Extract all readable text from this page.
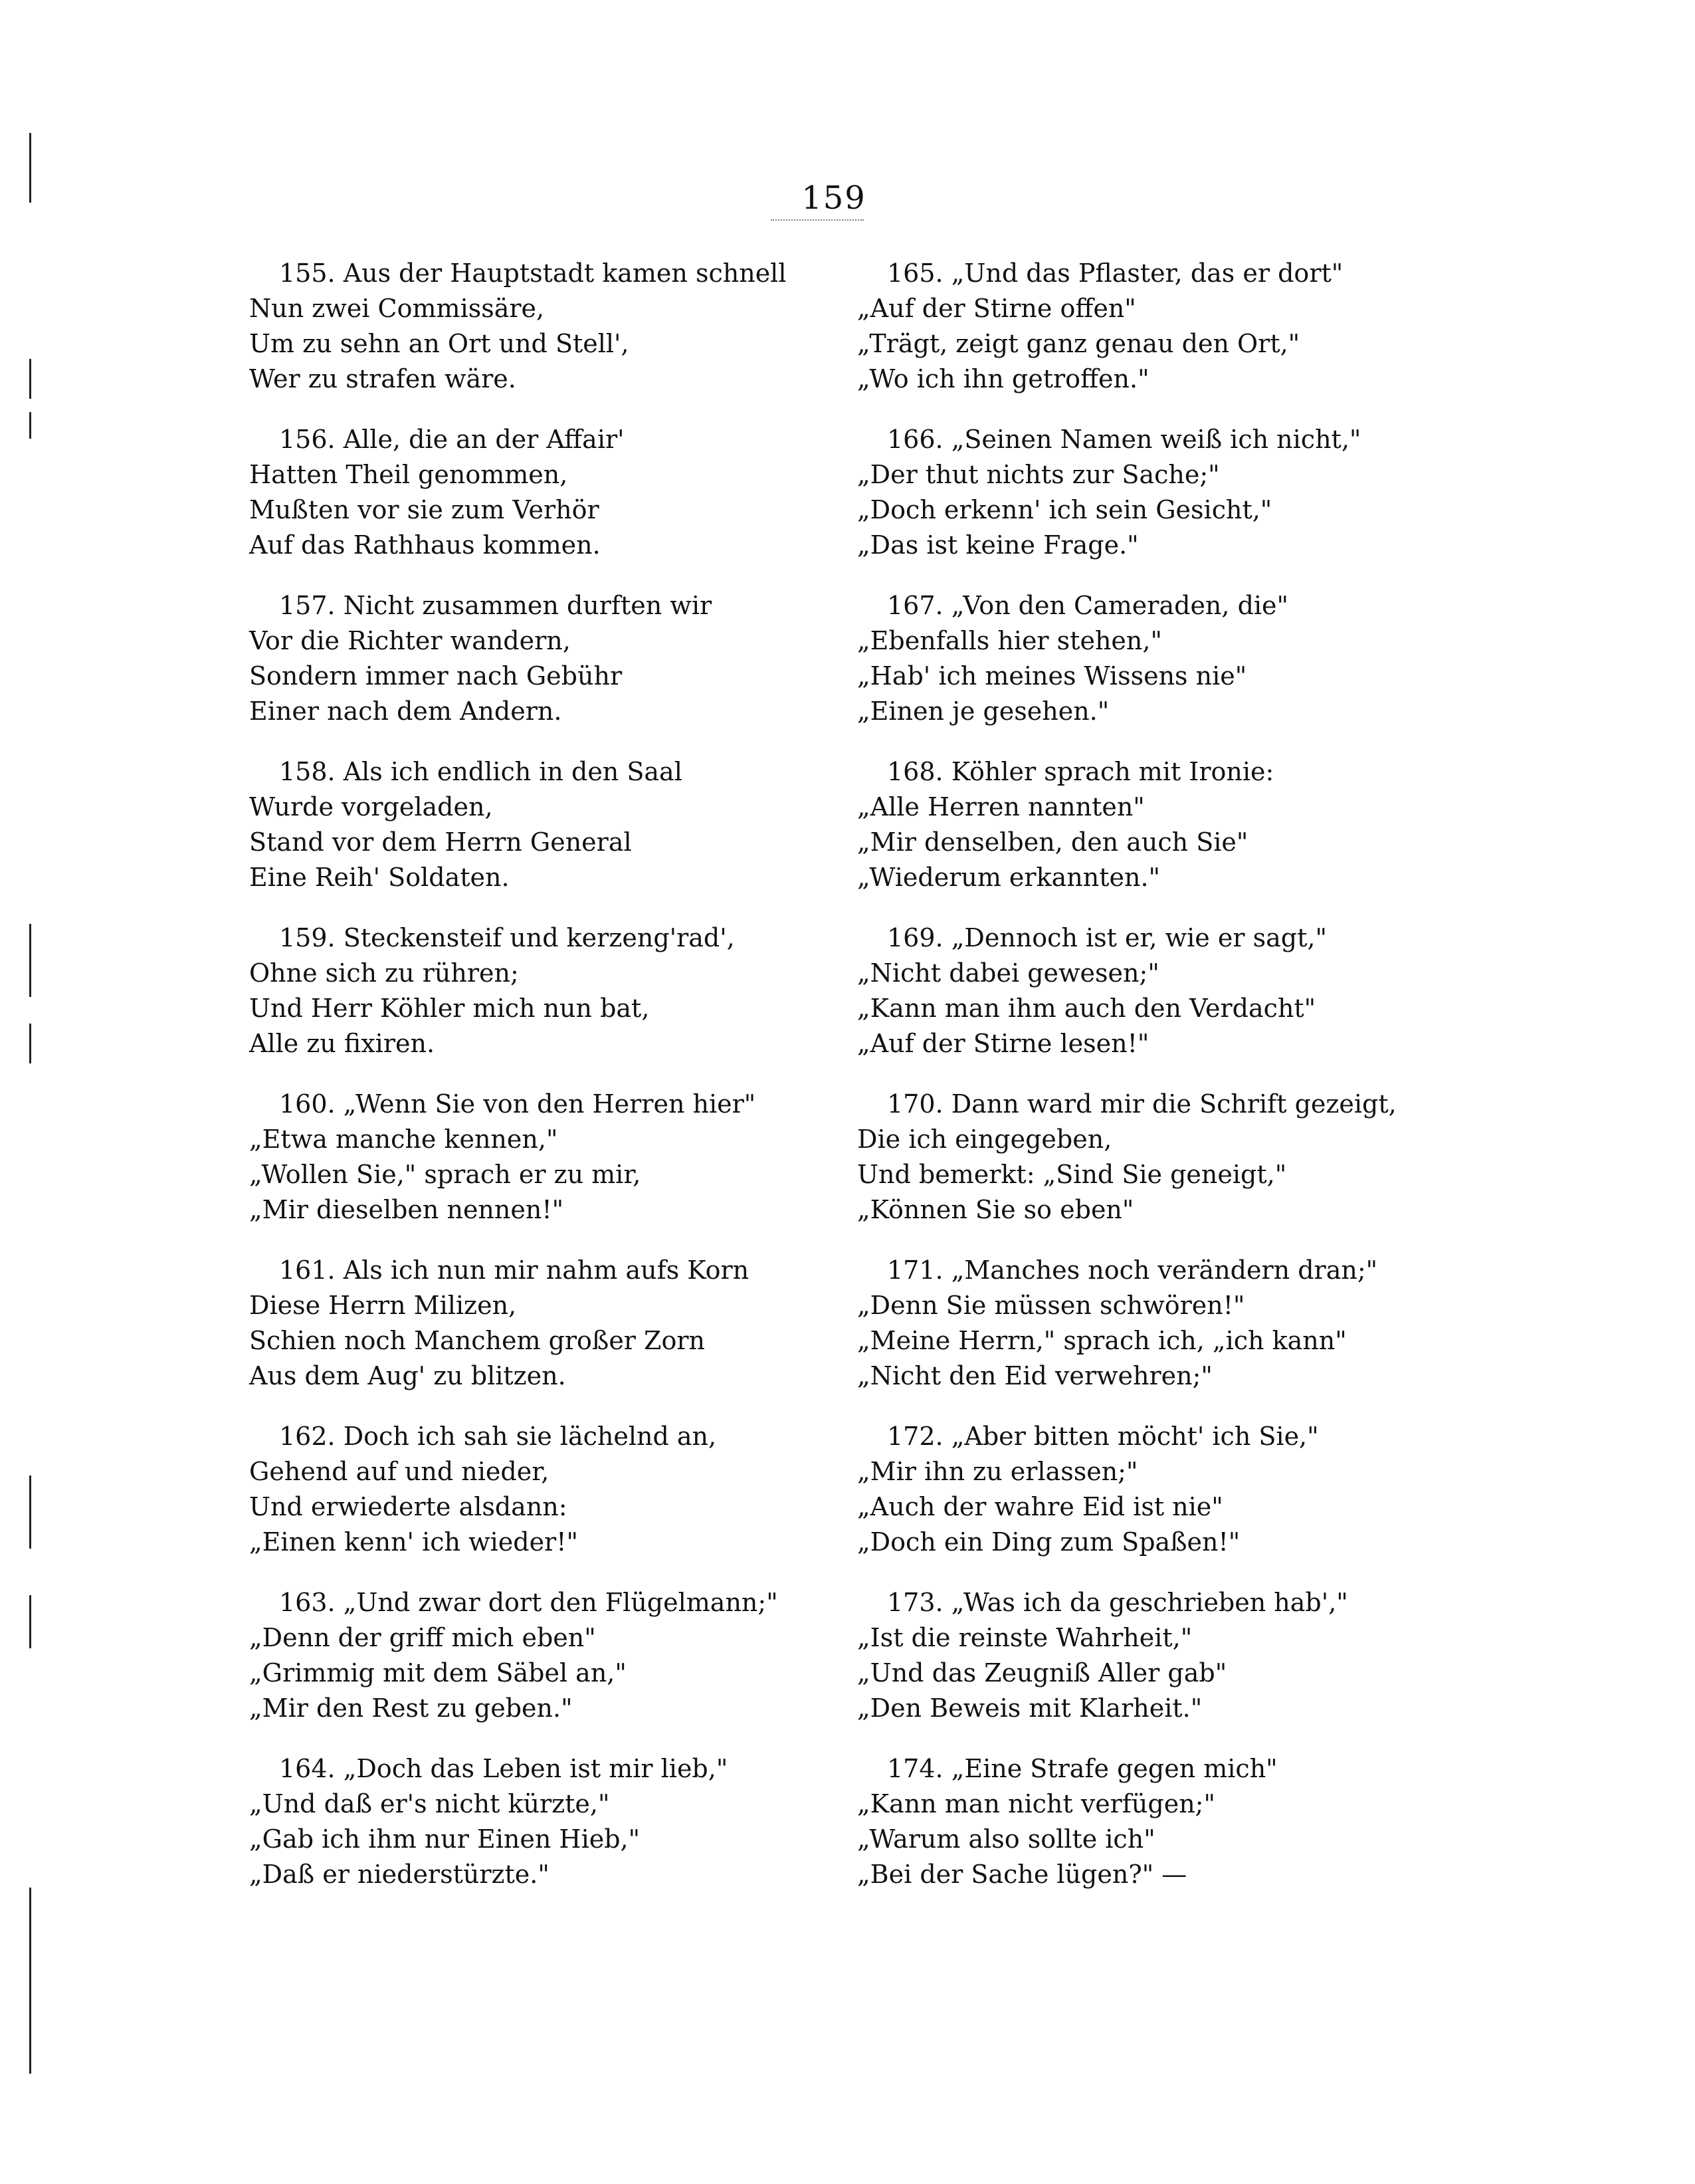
159
155. Aus der Hauptstadt kamen schnell
Nun zwei Commissäre,
Um zu sehn an Ort und Stell',
Wer zu strafen wäre.
156. Alle, die an der Affair'
Hatten Theil genommen,
Mußten vor sie zum Verhör
Auf das Rathhaus kommen.
157. Nicht zusammen durften wir
Vor die Richter wandern,
Sondern immer nach Gebühr
Einer nach dem Andern.
158. Als ich endlich in den Saal
Wurde vorgeladen,
Stand vor dem Herrn General
Eine Reih' Soldaten.
159. Steckensteif und kerzeng'rad',
Ohne sich zu rühren;
Und Herr Köhler mich nun bat,
Alle zu fixiren.
160. „Wenn Sie von den Herren hier"
„Etwa manche kennen,"
„Wollen Sie," sprach er zu mir,
„Mir dieselben nennen!"
161. Als ich nun mir nahm aufs Korn
Diese Herrn Milizen,
Schien noch Manchem großer Zorn
Aus dem Aug' zu blitzen.
162. Doch ich sah sie lächelnd an,
Gehend auf und nieder,
Und erwiederte alsdann:
„Einen kenn' ich wieder!"
163. „Und zwar dort den Flügelmann;"
„Denn der griff mich eben"
„Grimmig mit dem Säbel an,"
„Mir den Rest zu geben."
164. „Doch das Leben ist mir lieb,"
„Und daß er's nicht kürzte,"
„Gab ich ihm nur Einen Hieb,"
„Daß er niederstürzte."
165. „Und das Pflaster, das er dort"
„Auf der Stirne offen"
„Trägt, zeigt ganz genau den Ort,"
„Wo ich ihn getroffen."
166. „Seinen Namen weiß ich nicht,"
„Der thut nichts zur Sache;"
„Doch erkenn' ich sein Gesicht,"
„Das ist keine Frage."
167. „Von den Cameraden, die"
„Ebenfalls hier stehen,"
„Hab' ich meines Wissens nie"
„Einen je gesehen."
168. Köhler sprach mit Ironie:
„Alle Herren nannten"
„Mir denselben, den auch Sie"
„Wiederum erkannten."
169. „Dennoch ist er, wie er sagt,"
„Nicht dabei gewesen;"
„Kann man ihm auch den Verdacht"
„Auf der Stirne lesen!"
170. Dann ward mir die Schrift gezeigt,
Die ich eingegeben,
Und bemerkt: „Sind Sie geneigt,"
„Können Sie so eben"
171. „Manches noch verändern dran;"
„Denn Sie müssen schwören!"
„Meine Herrn," sprach ich, „ich kann"
„Nicht den Eid verwehren;"
172. „Aber bitten möcht' ich Sie,"
„Mir ihn zu erlassen;"
„Auch der wahre Eid ist nie"
„Doch ein Ding zum Spaßen!"
173. „Was ich da geschrieben hab',"
„Ist die reinste Wahrheit,"
„Und das Zeugniß Aller gab"
„Den Beweis mit Klarheit."
174. „Eine Strafe gegen mich"
„Kann man nicht verfügen;"
„Warum also sollte ich"
„Bei der Sache lügen?" —
